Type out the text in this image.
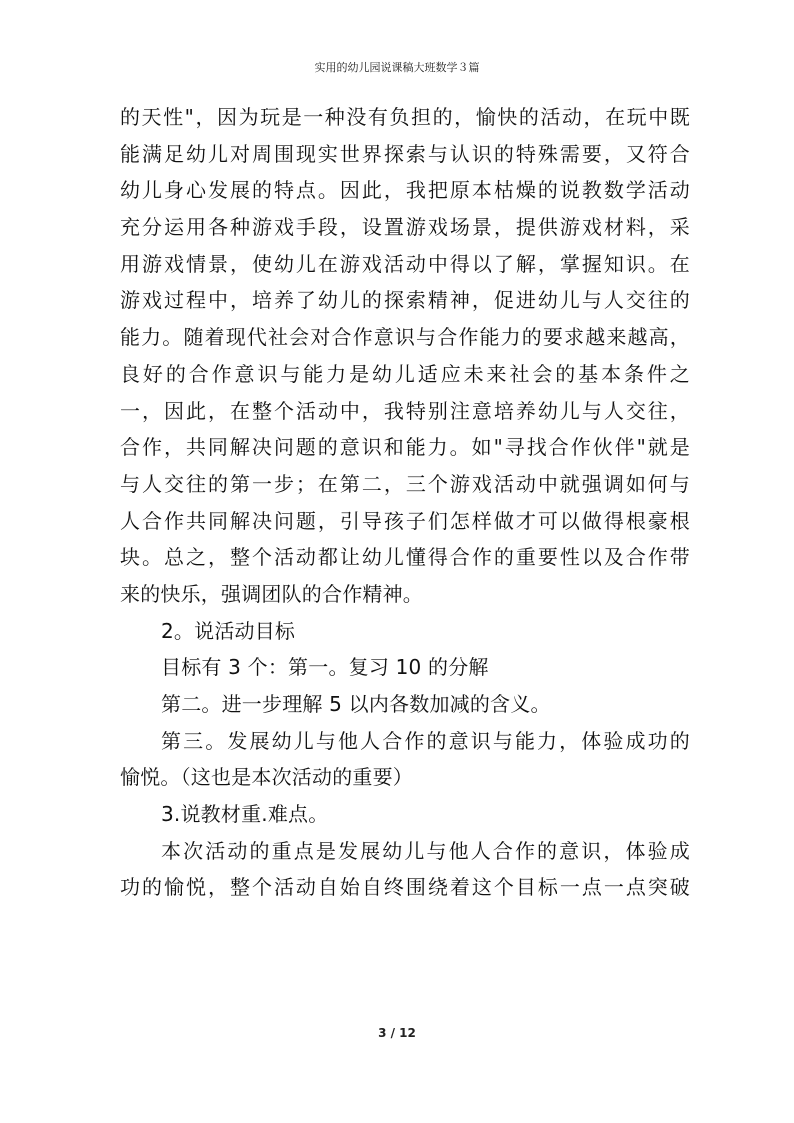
实用的幼儿园说课稿大班数学３篇
的天性"，因为玩是一种没有负担的，愉快的活动，在玩中既
能满足幼儿对周围现实世界探索与认识的特殊需要，又符合
幼儿身心发展的特点。因此，我把原本枯燥的说教数学活动
充分运用各种游戏手段，设置游戏场景，提供游戏材料，采
用游戏情景，使幼儿在游戏活动中得以了解，掌握知识。在
游戏过程中，培养了幼儿的探索精神，促进幼儿与人交往的
能力。随着现代社会对合作意识与合作能力的要求越来越高，
良好的合作意识与能力是幼儿适应未来社会的基本条件之
一，因此，在整个活动中，我特别注意培养幼儿与人交往，
合作，共同解决问题的意识和能力。如"寻找合作伙伴"就是
与人交往的第一步；在第二，三个游戏活动中就强调如何与
人合作共同解决问题，引导孩子们怎样做才可以做得根豪根
块。总之，整个活动都让幼儿懂得合作的重要性以及合作带
来的快乐，强调团队的合作精神。
2。说活动目标
目标有 3 个：第一。复习 10 的分解
第二。进一步理解 5 以内各数加减的含义。
第三。发展幼儿与他人合作的意识与能力，体验成功的
愉悦。（这也是本次活动的重要）
3.说教材重.难点。
本次活动的重点是发展幼儿与他人合作的意识，体验成
功的愉悦，整个活动自始自终围绕着这个目标一点一点突破
3 / 12
